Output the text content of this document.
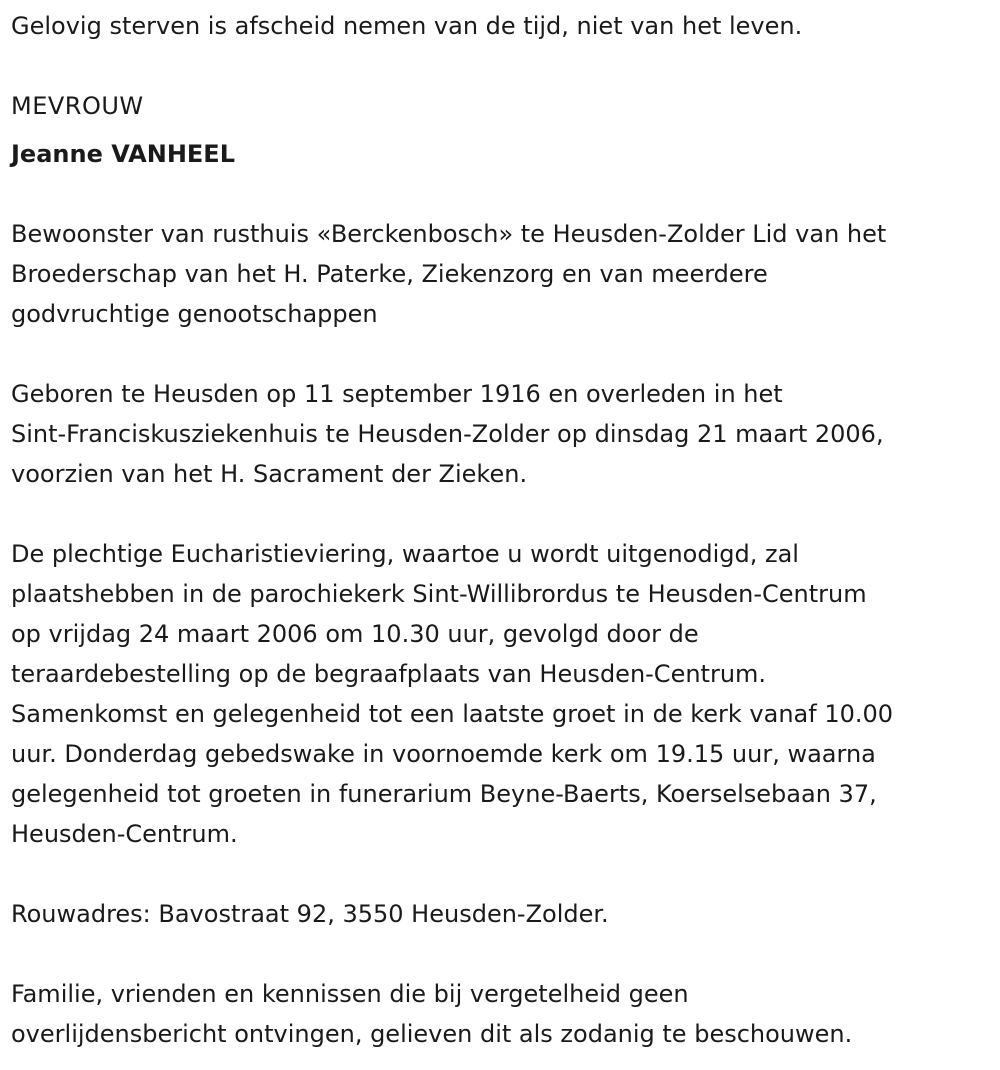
Gelovig sterven is afscheid nemen van de tijd, niet van het leven.

MEVROUW

Jeanne VANHEEL

Bewoonster van rusthuis «Berckenbosch» te Heusden-Zolder Lid van het
Broederschap van het H. Paterke, Ziekenzorg en van meerdere
godvruchtige genootschappen

Geboren te Heusden op 11 september 1916 en overleden in het
Sint-Franciskusziekenhuis te Heusden-Zolder op dinsdag 21 maart 2006,
voorzien van het H. Sacrament der Zieken.

De plechtige Eucharistieviering, waartoe u wordt uitgenodigd, zal
plaatshebben in de parochiekerk Sint-Willibrordus te Heusden-Centrum
op vrijdag 24 maart 2006 om 10.30 uur, gevolgd door de
teraardebestelling op de begraafplaats van Heusden-Centrum.
Samenkomst en gelegenheid tot een laatste groet in de kerk vanaf 10.00
uur. Donderdag gebedswake in voornoemde kerk om 19.15 uur, waarna
gelegenheid tot groeten in funerarium Beyne-Baerts, Koerselsebaan 37,
Heusden-Centrum.

Rouwadres: Bavostraat 92, 3550 Heusden-Zolder.

Familie, vrienden en kennissen die bij vergetelheid geen
overlijdensbericht ontvingen, gelieven dit als zodanig te beschouwen.
